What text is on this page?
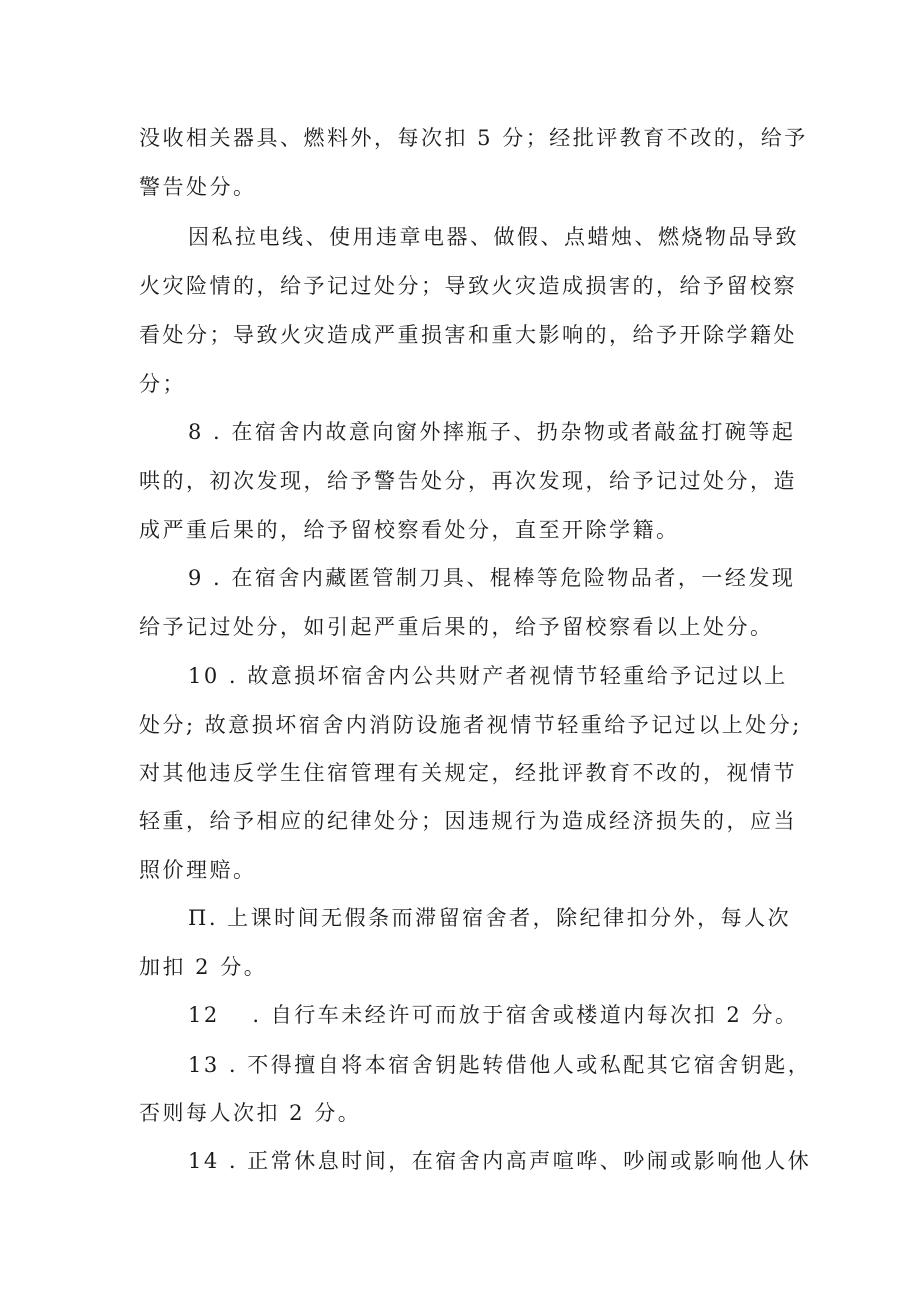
没收相关器具、燃料外，每次扣 5 分；经批评教育不改的，给予
警告处分。
因私拉电线、使用违章电器、做假、点蜡烛、燃烧物品导致
火灾险情的，给予记过处分；导致火灾造成损害的，给予留校察
看处分；导致火灾造成严重损害和重大影响的，给予开除学籍处
分；
8 . 在宿舍内故意向窗外摔瓶子、扔杂物或者敲盆打碗等起
哄的，初次发现，给予警告处分，再次发现，给予记过处分，造
成严重后果的，给予留校察看处分，直至开除学籍。
9 . 在宿舍内藏匿管制刀具、棍棒等危险物品者，一经发现
给予记过处分，如引起严重后果的，给予留校察看以上处分。
10 . 故意损坏宿舍内公共财产者视情节轻重给予记过以上
处分; 故意损坏宿舍内消防设施者视情节轻重给予记过以上处分;
对其他违反学生住宿管理有关规定，经批评教育不改的，视情节
轻重，给予相应的纪律处分；因违规行为造成经济损失的，应当
照价理赔。
Π. 上课时间无假条而滞留宿舍者，除纪律扣分外，每人次
加扣 2 分。
12　 . 自行车未经许可而放于宿舍或楼道内每次扣 2 分。
13 . 不得擅自将本宿舍钥匙转借他人或私配其它宿舍钥匙，
否则每人次扣 2 分。
14 . 正常休息时间，在宿舍内高声喧哗、吵闹或影响他人休
